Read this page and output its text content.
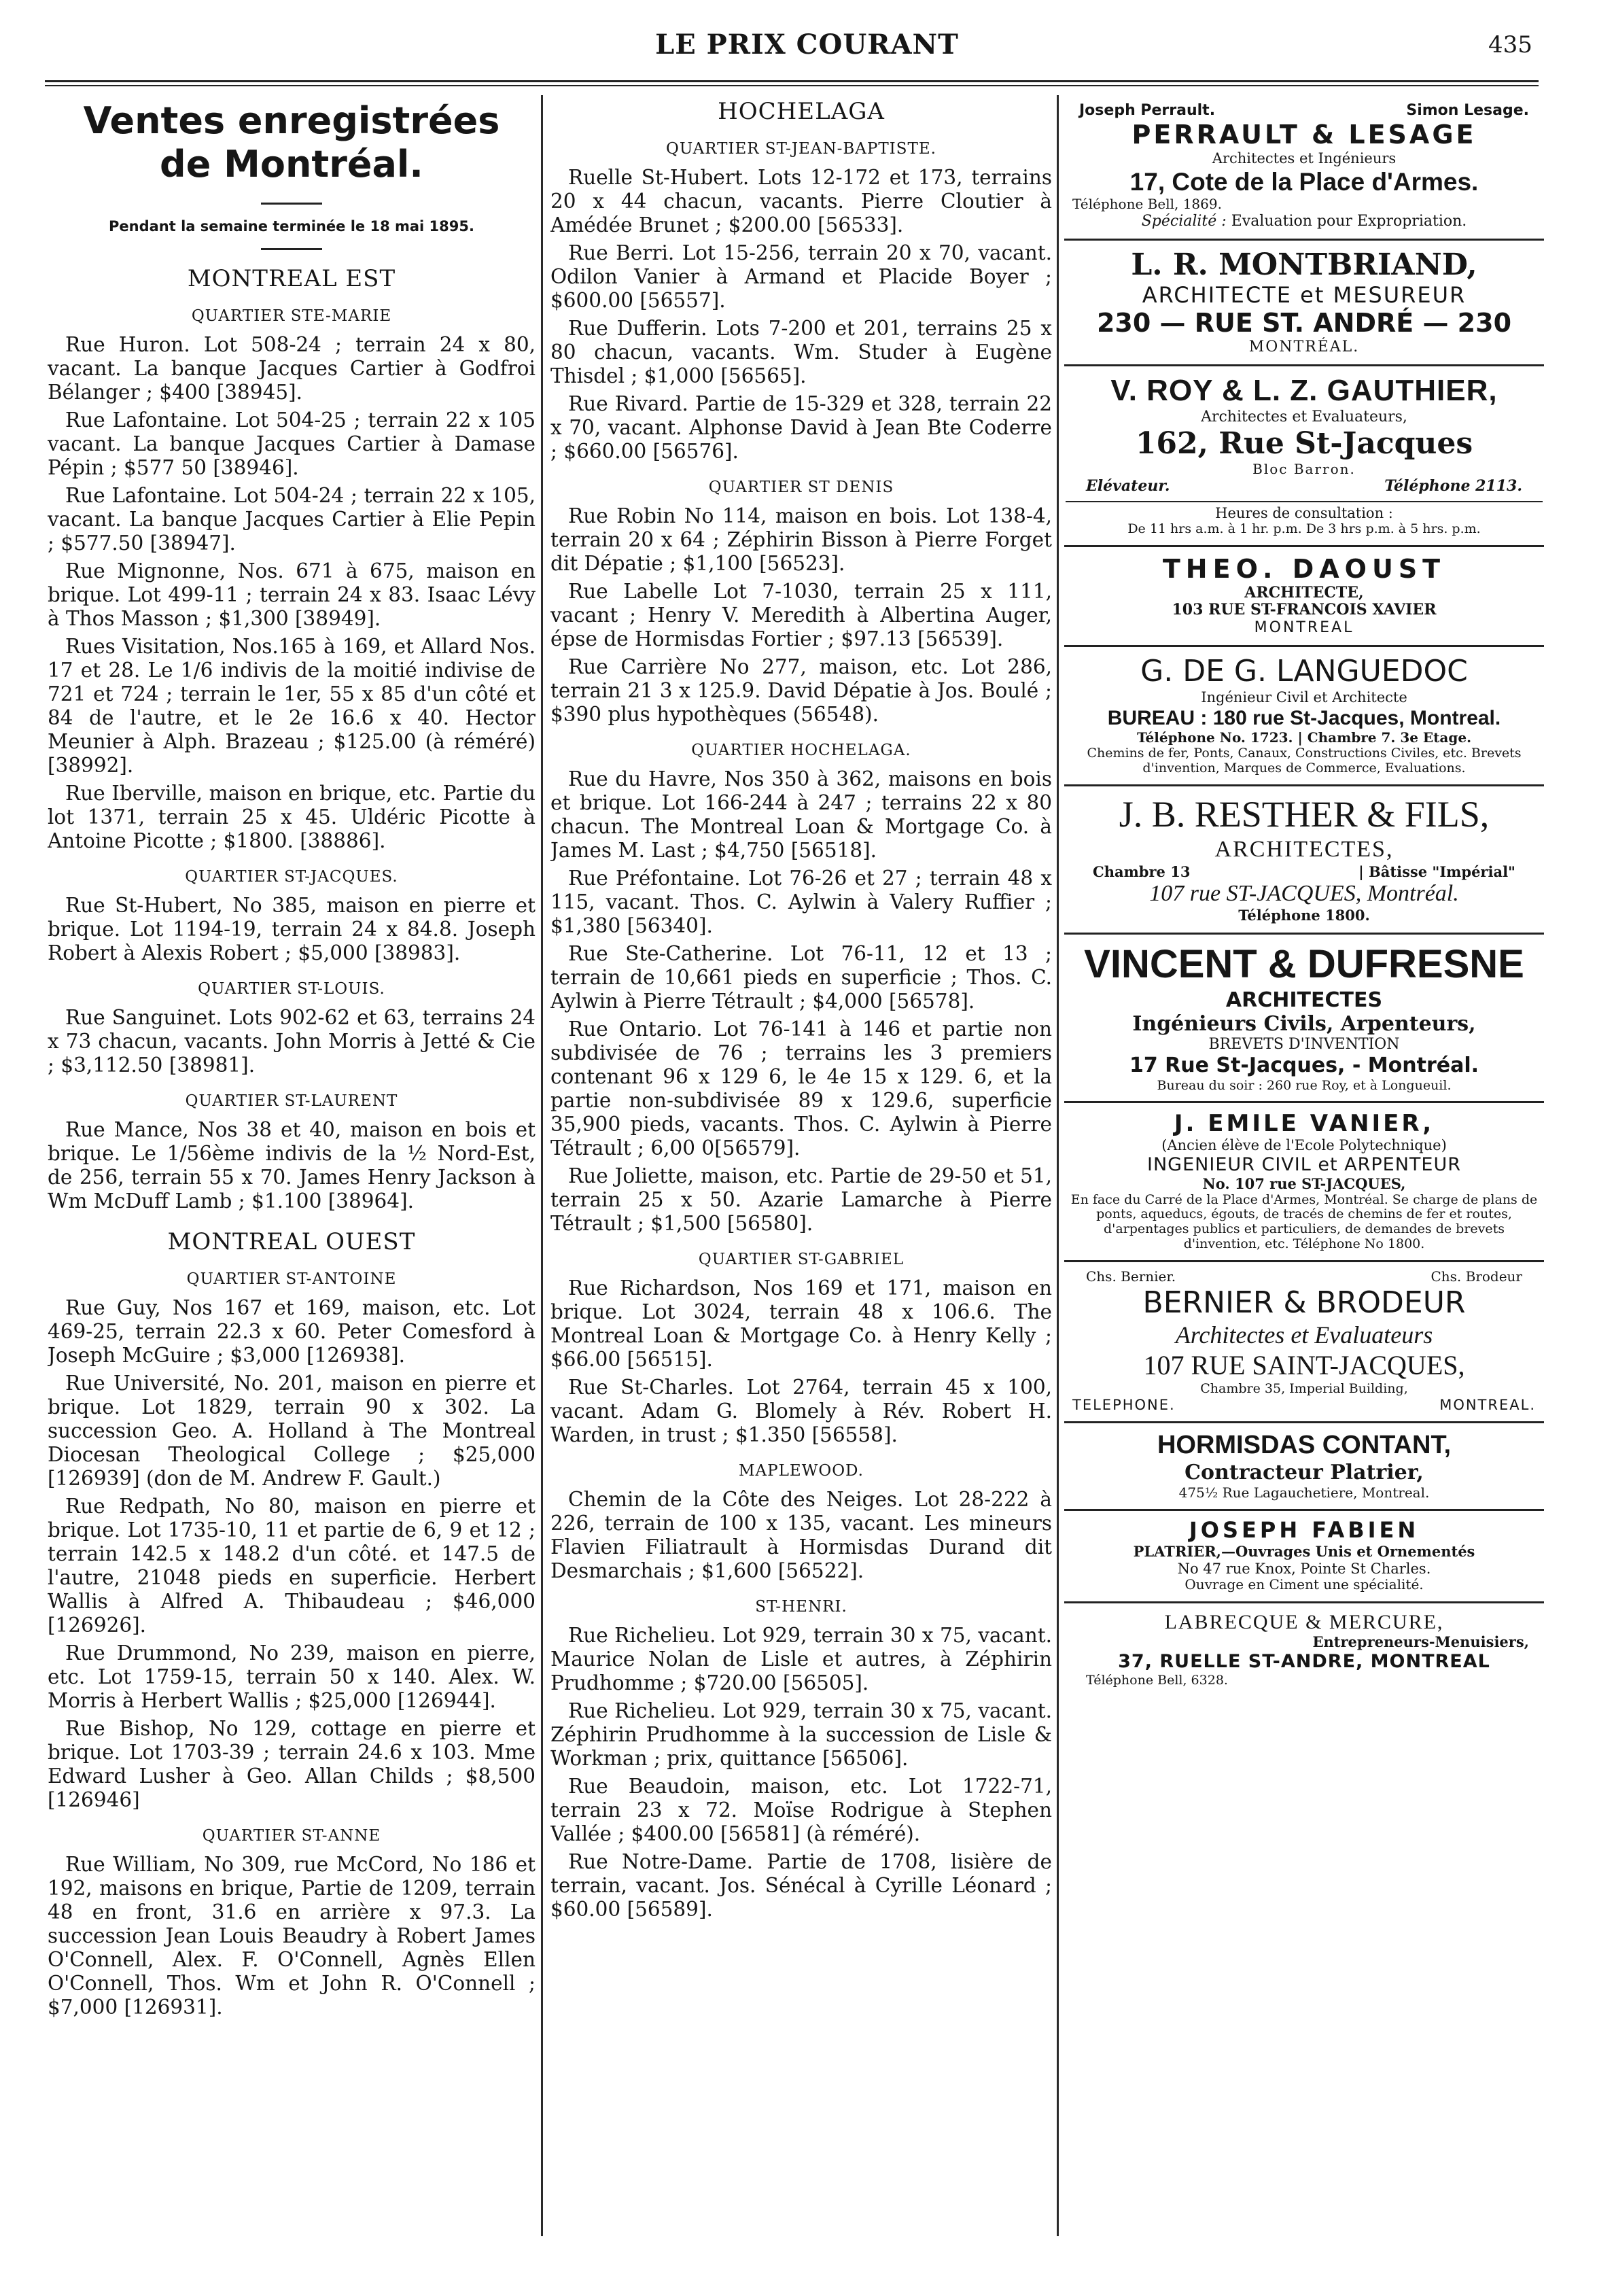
LE PRIX COURANT	435
Ventes enregistrées
de Montréal.
Pendant la semaine terminée le 18 mai 1895.
MONTREAL EST
QUARTIER STE-MARIE

Rue Huron. Lot 508-24 ; terrain 24 x 80, vacant. La banque Jacques Cartier à Godfroi Bélanger ; $400 [38945].

Rue Lafontaine. Lot 504-25 ; terrain 22 x 105 vacant. La banque Jacques Cartier à Damase Pépin ; $577 50 [38946].

Rue Lafontaine. Lot 504-24 ; terrain 22 x 105, vacant. La banque Jacques Cartier à Elie Pepin ; $577.50 [38947].

Rue Mignonne, Nos. 671 à 675, maison en brique. Lot 499-11 ; terrain 24 x 83. Isaac Lévy à Thos Masson ; $1,300 [38949].

Rues Visitation, Nos.165 à 169, et Allard Nos. 17 et 28. Le 1/6 indivis de la moitié indivise de 721 et 724 ; terrain le 1er, 55 x 85 d'un côté et 84 de l'autre, et le 2e 16.6 x 40. Hector Meunier à Alph. Brazeau ; $125.00 (à réméré) [38992].

Rue Iberville, maison en brique, etc. Partie du lot 1371, terrain 25 x 45. Uldéric Picotte à Antoine Picotte ; $1800. [38886].

QUARTIER ST-JACQUES.

Rue St-Hubert, No 385, maison en pierre et brique. Lot 1194-19, terrain 24 x 84.8. Joseph Robert à Alexis Robert ; $5,000 [38983].

QUARTIER ST-LOUIS.

Rue Sanguinet. Lots 902-62 et 63, terrains 24 x 73 chacun, vacants. John Morris à Jetté & Cie ; $3,112.50 [38981].

QUARTIER ST-LAURENT

Rue Mance, Nos 38 et 40, maison en bois et brique. Le 1/56ème indivis de la ½ Nord-Est, de 256, terrain 55 x 70. James Henry Jackson à Wm McDuff Lamb ; $1.100 [38964].

MONTREAL OUEST
QUARTIER ST-ANTOINE

Rue Guy, Nos 167 et 169, maison, etc. Lot 469-25, terrain 22.3 x 60. Peter Comesford à Joseph McGuire ; $3,000 [126938].

Rue Université, No. 201, maison en pierre et brique. Lot 1829, terrain 90 x 302. La succession Geo. A. Holland à The Montreal Diocesan Theological College ; $25,000 [126939] (don de M. Andrew F. Gault.)

Rue Redpath, No 80, maison en pierre et brique. Lot 1735-10, 11 et partie de 6, 9 et 12 ; terrain 142.5 x 148.2 d'un côté. et 147.5 de l'autre, 21048 pieds en superficie. Herbert Wallis à Alfred A. Thibaudeau ; $46,000 [126926].

Rue Drummond, No 239, maison en pierre, etc. Lot 1759-15, terrain 50 x 140. Alex. W. Morris à Herbert Wallis ; $25,000 [126944].

Rue Bishop, No 129, cottage en pierre et brique. Lot 1703-39 ; terrain 24.6 x 103. Mme Edward Lusher à Geo. Allan Childs ; $8,500 [126946]

QUARTIER ST-ANNE

Rue William, No 309, rue McCord, No 186 et 192, maisons en brique, Partie de 1209, terrain 48 en front, 31.6 en arrière x 97.3. La succession Jean Louis Beaudry à Robert James O'Connell, Alex. F. O'Connell, Agnès Ellen O'Connell, Thos. Wm et John R. O'Connell ; $7,000 [126931].

HOCHELAGA
QUARTIER ST-JEAN-BAPTISTE.

Ruelle St-Hubert. Lots 12-172 et 173, terrains 20 x 44 chacun, vacants. Pierre Cloutier à Amédée Brunet ; $200.00 [56533].

Rue Berri. Lot 15-256, terrain 20 x 70, vacant. Odilon Vanier à Armand et Placide Boyer ; $600.00 [56557].

Rue Dufferin. Lots 7-200 et 201, terrains 25 x 80 chacun, vacants. Wm. Studer à Eugène Thisdel ; $1,000 [56565].

Rue Rivard. Partie de 15-329 et 328, terrain 22 x 70, vacant. Alphonse David à Jean Bte Coderre ; $660.00 [56576].

QUARTIER ST DENIS

Rue Robin No 114, maison en bois. Lot 138-4, terrain 20 x 64 ; Zéphirin Bisson à Pierre Forget dit Dépatie ; $1,100 [56523].

Rue Labelle Lot 7-1030, terrain 25 x 111, vacant ; Henry V. Meredith à Albertina Auger, épse de Hormisdas Fortier ; $97.13 [56539].

Rue Carrière No 277, maison, etc. Lot 286, terrain 21 3 x 125.9. David Dépatie à Jos. Boulé ; $390 plus hypothèques (56548).

QUARTIER HOCHELAGA.

Rue du Havre, Nos 350 à 362, maisons en bois et brique. Lot 166-244 à 247 ; terrains 22 x 80 chacun. The Montreal Loan & Mortgage Co. à James M. Last ; $4,750 [56518].

Rue Préfontaine. Lot 76-26 et 27 ; terrain 48 x 115, vacant. Thos. C. Aylwin à Valery Ruffier ; $1,380 [56340].

Rue Ste-Catherine. Lot 76-11, 12 et 13 ; terrain de 10,661 pieds en superficie ; Thos. C. Aylwin à Pierre Tétrault ; $4,000 [56578].

Rue Ontario. Lot 76-141 à 146 et partie non subdivisée de 76 ; terrains les 3 premiers contenant 96 x 129 6, le 4e 15 x 129. 6, et la partie non-subdivisée 89 x 129.6, superficie 35,900 pieds, vacants. Thos. C. Aylwin à Pierre Tétrault ; 6,00 0[56579].

Rue Joliette, maison, etc. Partie de 29-50 et 51, terrain 25 x 50. Azarie Lamarche à Pierre Tétrault ; $1,500 [56580].

QUARTIER ST-GABRIEL

Rue Richardson, Nos 169 et 171, maison en brique. Lot 3024, terrain 48 x 106.6. The Montreal Loan & Mortgage Co. à Henry Kelly ; $66.00 [56515].

Rue St-Charles. Lot 2764, terrain 45 x 100, vacant. Adam G. Blomely à Rév. Robert H. Warden, in trust ; $1.350 [56558].

MAPLEWOOD.

Chemin de la Côte des Neiges. Lot 28-222 à 226, terrain de 100 x 135, vacant. Les mineurs Flavien Filiatrault à Hormisdas Durand dit Desmarchais ; $1,600 [56522].

ST-HENRI.

Rue Richelieu. Lot 929, terrain 30 x 75, vacant. Maurice Nolan de Lisle et autres, à Zéphirin Prudhomme ; $720.00 [56505].

Rue Richelieu. Lot 929, terrain 30 x 75, vacant. Zéphirin Prudhomme à la succession de Lisle & Workman ; prix, quittance [56506].

Rue Beaudoin, maison, etc. Lot 1722-71, terrain 23 x 72. Moïse Rodrigue à Stephen Vallée ; $400.00 [56581] (à réméré).

Rue Notre-Dame. Partie de 1708, lisière de terrain, vacant. Jos. Sénécal à Cyrille Léonard ; $60.00 [56589].

Joseph Perrault.	Simon Lesage.
PERRAULT & LESAGE
Architectes et Ingénieurs
17, Cote de la Place d'Armes.
Téléphone Bell, 1869.
Spécialité : Evaluation pour Expropriation.
L. R. MONTBRIAND,
ARCHITECTE et MESUREUR
230 — RUE ST. ANDRÉ — 230
MONTRÉAL.
V. ROY & L. Z. GAUTHIER,
Architectes et Evaluateurs,
162, Rue St-Jacques
Bloc Barron.
Elévateur.	Téléphone 2113.
Heures de consultation :
De 11 hrs a.m. à 1 hr. p.m. De 3 hrs p.m. à 5 hrs. p.m.
THEO. DAOUST
ARCHITECTE,
103 RUE ST-FRANCOIS XAVIER
MONTREAL
G. DE G. LANGUEDOC
Ingénieur Civil et Architecte
BUREAU : 180 rue St-Jacques, Montreal.
Téléphone No. 1723. | Chambre 7. 3e Etage.
Chemins de fer, Ponts, Canaux, Constructions Civiles, etc. Brevets d'invention, Marques de Commerce, Evaluations.
J. B. RESTHER & FILS,
ARCHITECTES,
Chambre 13	| Bâtisse "Impérial"
107 rue ST-JACQUES, Montréal.
Téléphone 1800.
VINCENT & DUFRESNE
ARCHITECTES
Ingénieurs Civils, Arpenteurs,
BREVETS D'INVENTION
17 Rue St-Jacques, - Montréal.
Bureau du soir : 260 rue Roy, et à Longueuil.
J. EMILE VANIER,
(Ancien élève de l'Ecole Polytechnique)
INGENIEUR CIVIL et ARPENTEUR
No. 107 rue ST-JACQUES,
En face du Carré de la Place d'Armes, Montréal. Se charge de plans de ponts, aqueducs, égouts, de tracés de chemins de fer et routes, d'arpentages publics et particuliers, de demandes de brevets d'invention, etc. Téléphone No 1800.
Chs. Bernier.	Chs. Brodeur
BERNIER & BRODEUR
Architectes et Evaluateurs
107 RUE SAINT-JACQUES,
Chambre 35, Imperial Building,
TELEPHONE.	MONTREAL.
HORMISDAS CONTANT,
Contracteur Platrier,
475½ Rue Lagauchetiere, Montreal.
JOSEPH FABIEN
PLATRIER,—Ouvrages Unis et Ornementés
No 47 rue Knox, Pointe St Charles.
Ouvrage en Ciment une spécialité.
LABRECQUE & MERCURE,
Entrepreneurs-Menuisiers,
37, RUELLE ST-ANDRE, MONTREAL
Téléphone Bell, 6328.
